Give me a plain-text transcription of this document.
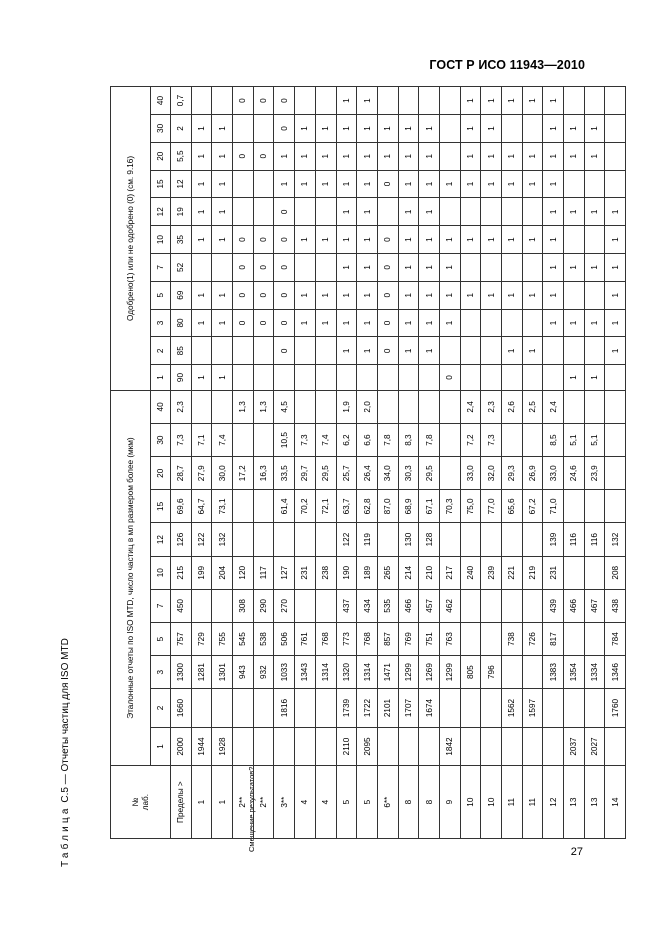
ГОСТ Р ИСО 11943—2010
Таблица С.5 — Отчеты частиц для ISO MTD
Смещение результатов?
№
лаб.	Эталонные отчеты по ISO MTD, число частиц в мл размером более (мкм)											Одобрено(1) или не одобрено (0) (см. 9.16)										
	1	2	3	5	7	10	12	15	20	30	40	1	2	3	5	7	10	12	15	20	30	40
Пределы >	2000	1660	1300	757	450	215	126	69,6	28,7	7,3	2,3	90	85	80	69	52	35	19	12	5,5	2	0,7
1	1944		1281	729		199	122	64,7	27,9	7,1		1		1	1		1	1	1	1	1	
1	1928		1301	755		204	132	73,1	30,0	7,4		1		1	1		1	1	1	1	1	
2**			943	545	308	120			17,2		1,3			0	0	0	0			0		0
2**			932	538	290	117			16,3		1,3			0	0	0	0			0		0
3**		1816	1033	506	270	127		61,4	33,5	10,5	4,5		0	0	0	0	0	0	1	1	0	0
4			1343	761		231		70,2	29,7	7,3				1	1		1		1	1	1	
4			1314	768		238		72,1	29,5	7,4				1	1		1		1	1	1	
5	2110	1739	1320	773	437	190	122	63,7	25,7	6,2	1,9		1	1	1	1	1	1	1	1	1	1
5	2095	1722	1314	768	434	189	119	62,8	26,4	6,6	2,0		1	1	1	1	1	1	1	1	1	1
6**		2101	1471	857	535	265		87,0	34,0	7,8			0	0	0	0	0		0	1	1	
8		1707	1299	769	466	214	130	68,9	30,3	8,3			1	1	1	1	1	1	1	1	1	
8		1674	1269	751	457	210	128	67,1	29,5	7,8			1	1	1	1	1	1	1	1	1	
9	1842		1299	763	462	217		70,3				0		1	1	1	1		1			
10			805			240		75,0	33,0	7,2	2,4				1		1		1	1	1	1
10			796			239		77,0	32,0	7,3	2,3				1		1		1	1	1	1
11		1562		738		221		65,6	29,3		2,6		1		1		1		1	1		1
11		1597		726		219		67,2	26,9		2,5		1		1		1		1	1		1
12			1383	817	439	231	139	71,0	33,0	8,5	2,4			1	1	1	1	1	1	1	1	1
13	2037		1354		466		116		24,6	5,1		1		1		1		1		1	1	
13	2027		1334		467		116		23,9	5,1		1		1		1		1		1	1	
14		1760	1346	784	438	208	132						1	1	1	1	1	1				
27
